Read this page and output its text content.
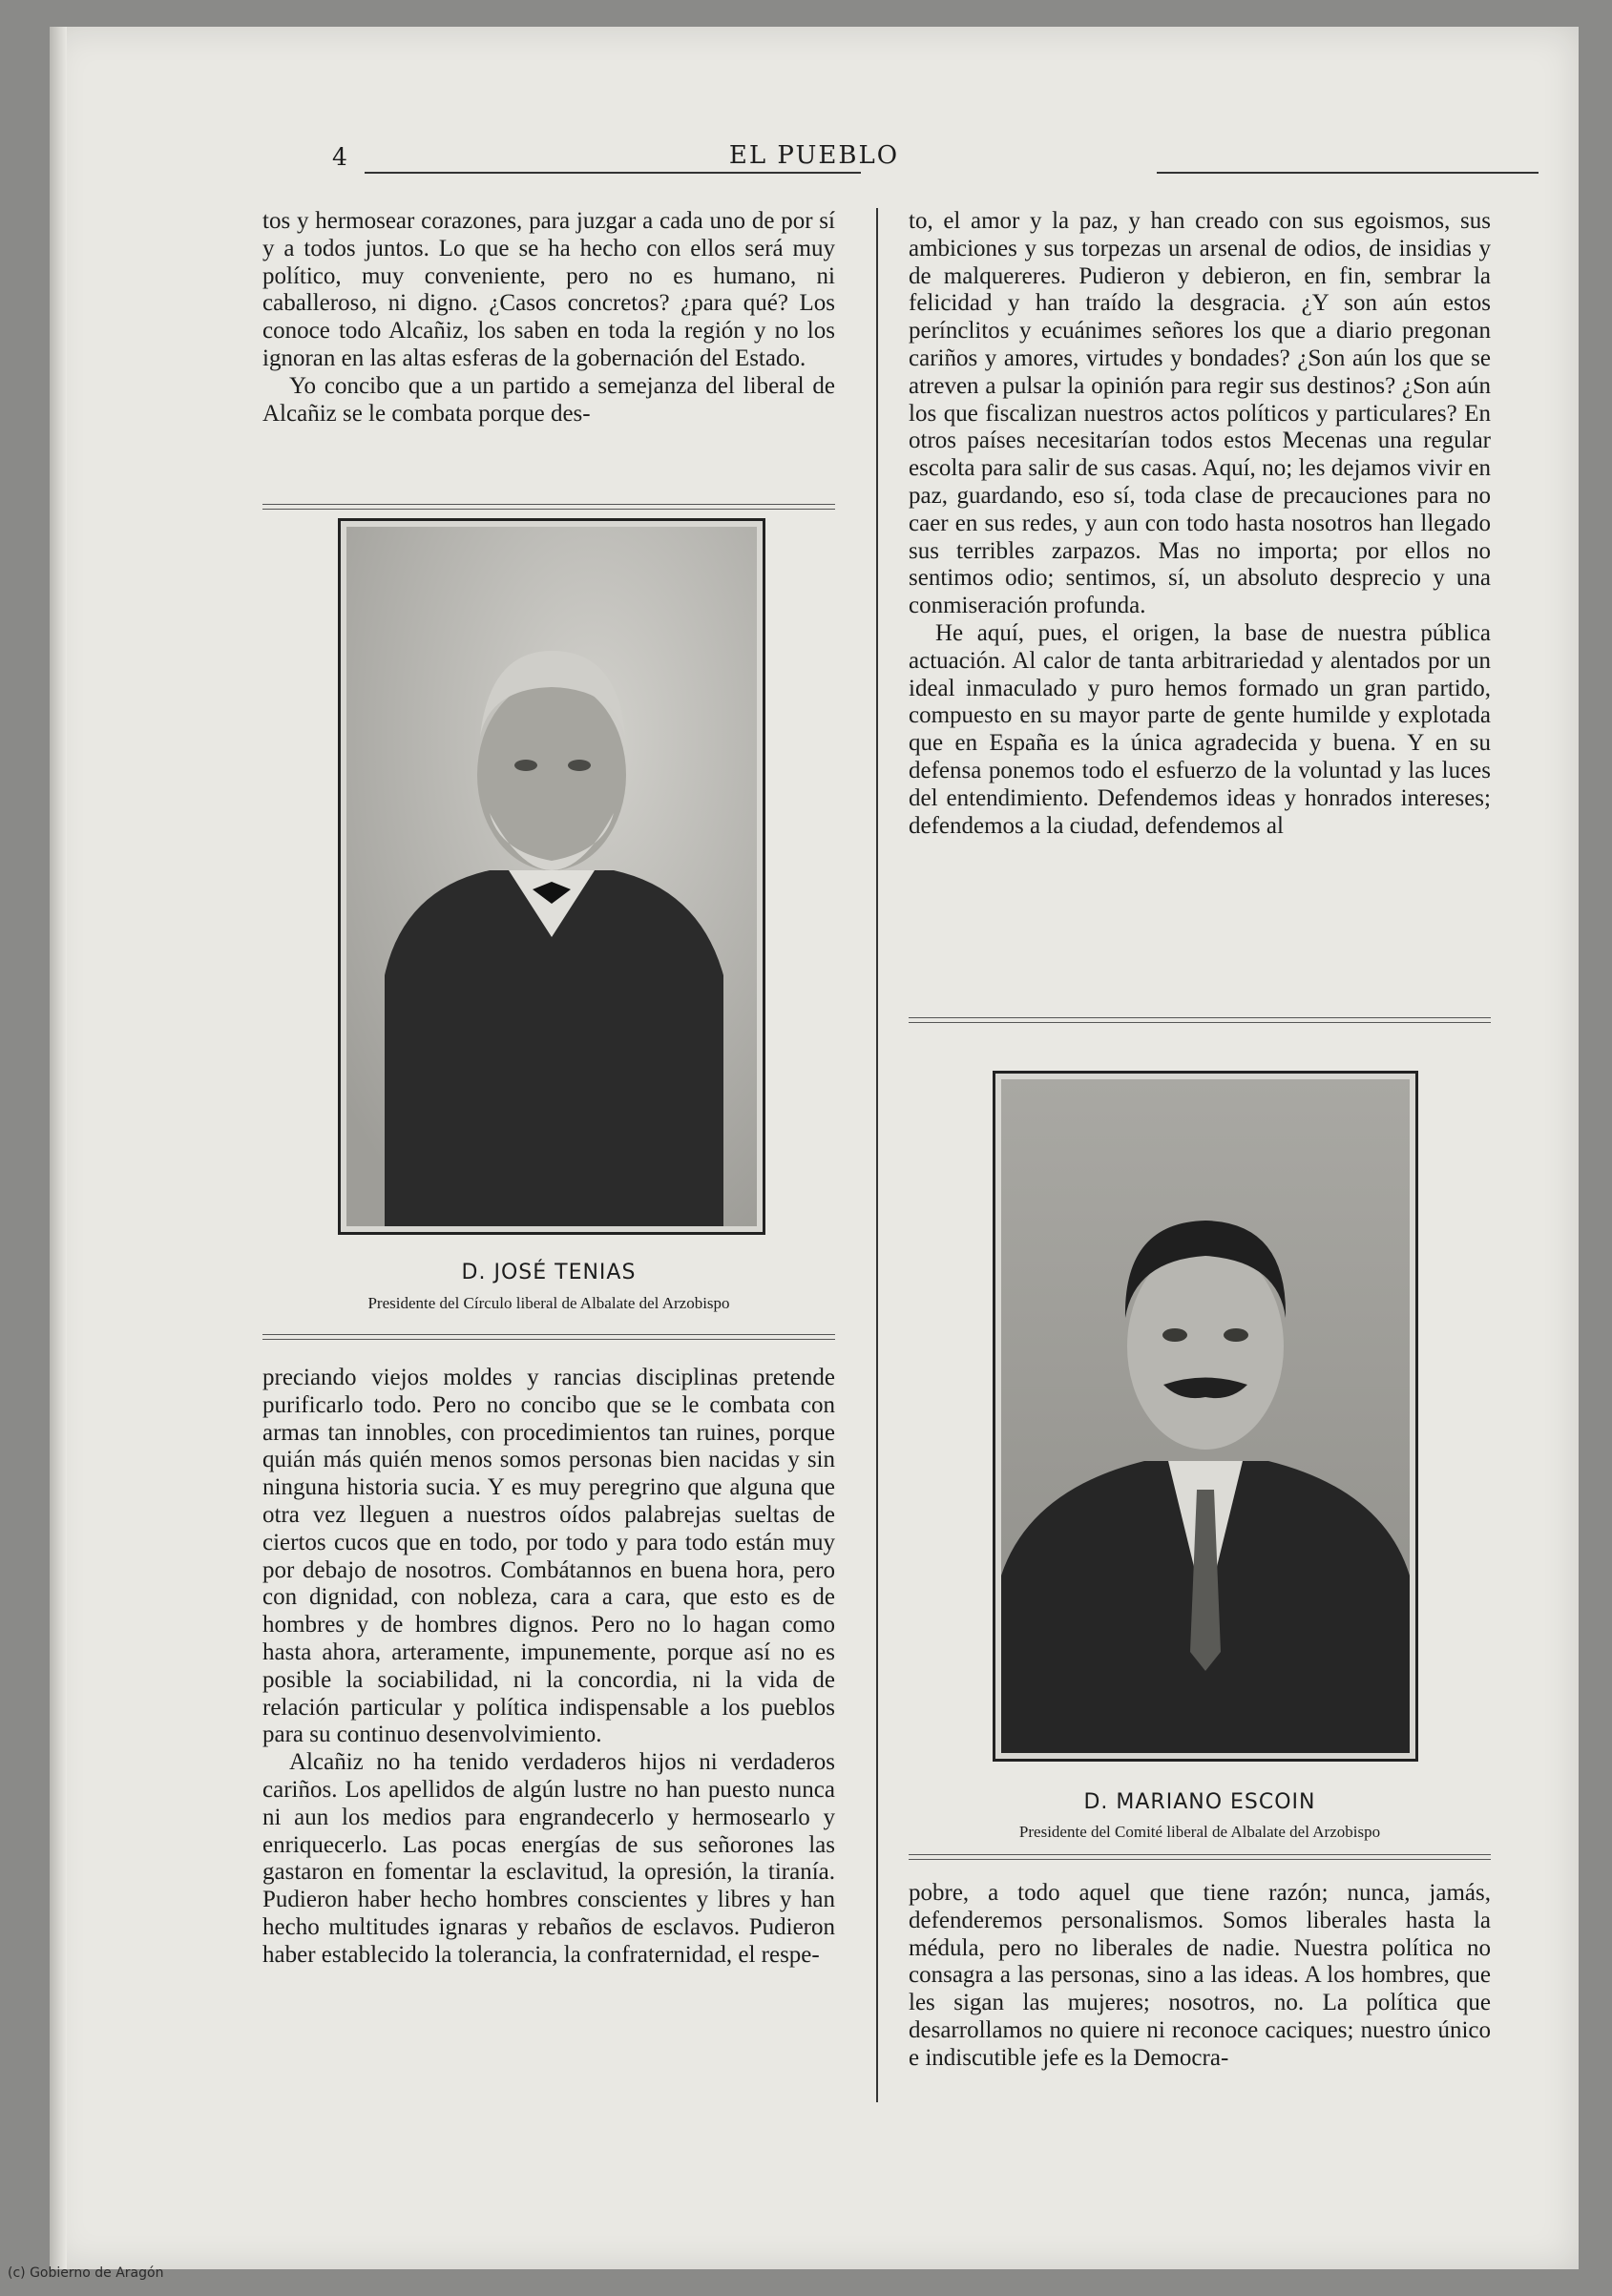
4	EL PUEBLO

tos y hermosear corazones, para juzgar a cada uno de por sí y a todos juntos. Lo que se ha hecho con ellos será muy político, muy conveniente, pero no es humano, ni caballeroso, ni digno. ¿Casos concretos? ¿para qué? Los conoce todo Alcañiz, los saben en toda la región y no los ignoran en las altas esferas de la gobernación del Estado.

Yo concibo que a un partido a semejanza del liberal de Alcañiz se le combata porque des-

D. JOSÉ TENIAS
Presidente del Círculo liberal de Albalate del Arzobispo

preciando viejos moldes y rancias disciplinas pretende purificarlo todo. Pero no concibo que se le combata con armas tan innobles, con procedimientos tan ruines, porque quián más quién menos somos personas bien nacidas y sin ninguna historia sucia. Y es muy peregrino que alguna que otra vez lleguen a nuestros oídos palabrejas sueltas de ciertos cucos que en todo, por todo y para todo están muy por debajo de nosotros. Combátannos en buena hora, pero con dignidad, con nobleza, cara a cara, que esto es de hombres y de hombres dignos. Pero no lo hagan como hasta ahora, arteramente, impunemente, porque así no es posible la sociabilidad, ni la concordia, ni la vida de relación particular y política indispensable a los pueblos para su continuo desenvolvimiento.

Alcañiz no ha tenido verdaderos hijos ni verdaderos cariños. Los apellidos de algún lustre no han puesto nunca ni aun los medios para engrandecerlo y hermosearlo y enriquecerlo. Las pocas energías de sus señorones las gastaron en fomentar la esclavitud, la opresión, la tiranía. Pudieron haber hecho hombres conscientes y libres y han hecho multitudes ignaras y rebaños de esclavos. Pudieron haber establecido la tolerancia, la confraternidad, el respe-

to, el amor y la paz, y han creado con sus egoismos, sus ambiciones y sus torpezas un arsenal de odios, de insidias y de malquereres. Pudieron y debieron, en fin, sembrar la felicidad y han traído la desgracia. ¿Y son aún estos perínclitos y ecuánimes señores los que a diario pregonan cariños y amores, virtudes y bondades? ¿Son aún los que se atreven a pulsar la opinión para regir sus destinos? ¿Son aún los que fiscalizan nuestros actos políticos y particulares? En otros países necesitarían todos estos Mecenas una regular escolta para salir de sus casas. Aquí, no; les dejamos vivir en paz, guardando, eso sí, toda clase de precauciones para no caer en sus redes, y aun con todo hasta nosotros han llegado sus terribles zarpazos. Mas no importa; por ellos no sentimos odio; sentimos, sí, un absoluto desprecio y una conmiseración profunda.

He aquí, pues, el origen, la base de nuestra pública actuación. Al calor de tanta arbitrariedad y alentados por un ideal inmaculado y puro hemos formado un gran partido, compuesto en su mayor parte de gente humilde y explotada que en España es la única agradecida y buena. Y en su defensa ponemos todo el esfuerzo de la voluntad y las luces del entendimiento. Defendemos ideas y honrados intereses; defendemos a la ciudad, defendemos al

D. MARIANO ESCOIN
Presidente del Comité liberal de Albalate del Arzobispo

pobre, a todo aquel que tiene razón; nunca, jamás, defenderemos personalismos. Somos liberales hasta la médula, pero no liberales de nadie. Nuestra política no consagra a las personas, sino a las ideas. A los hombres, que les sigan las mujeres; nosotros, no. La política que desarrollamos no quiere ni reconoce caciques; nuestro único e indiscutible jefe es la Democra-

(c) Gobierno de Aragón
